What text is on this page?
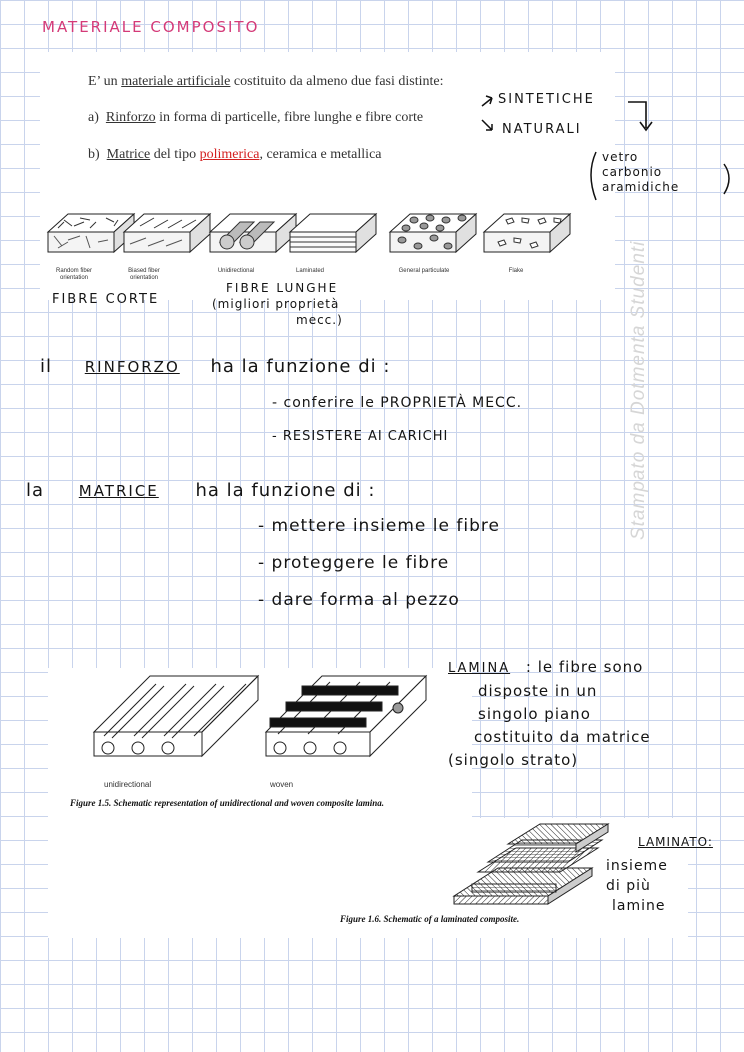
MATERIALE COMPOSITO
E’ un materiale artificiale costituito da almeno due fasi distinte:
a) Rinforzo in forma di particelle, fibre lunghe e fibre corte
b) Matrice del tipo polimerica, ceramica e metallica
SINTETICHE
NATURALI
vetro
carbonio
aramidiche
Random fiber orientation
Biased fiber orientation
Unidirectional	Laminated	General particulate	Flake
FIBRE CORTE
FIBRE LUNGHE
(migliori proprietà
mecc.)
il RINFORZO ha la funzione di :
- conferire le PROPRIETÀ MECC.
- RESISTERE AI CARICHI
la MATRICE ha la funzione di :
- mettere insieme le fibre
- proteggere le fibre
- dare forma al pezzo
Stampato da Dotmenta Studenti
unidirectional	woven
Figure 1.5. Schematic representation of unidirectional and woven composite lamina.
LAMINA : le fibre sono
disposte in un
singolo piano
costituito da matrice
(singolo strato)
Figure 1.6. Schematic of a laminated composite.
LAMINATO:
insieme
di più
lamine
